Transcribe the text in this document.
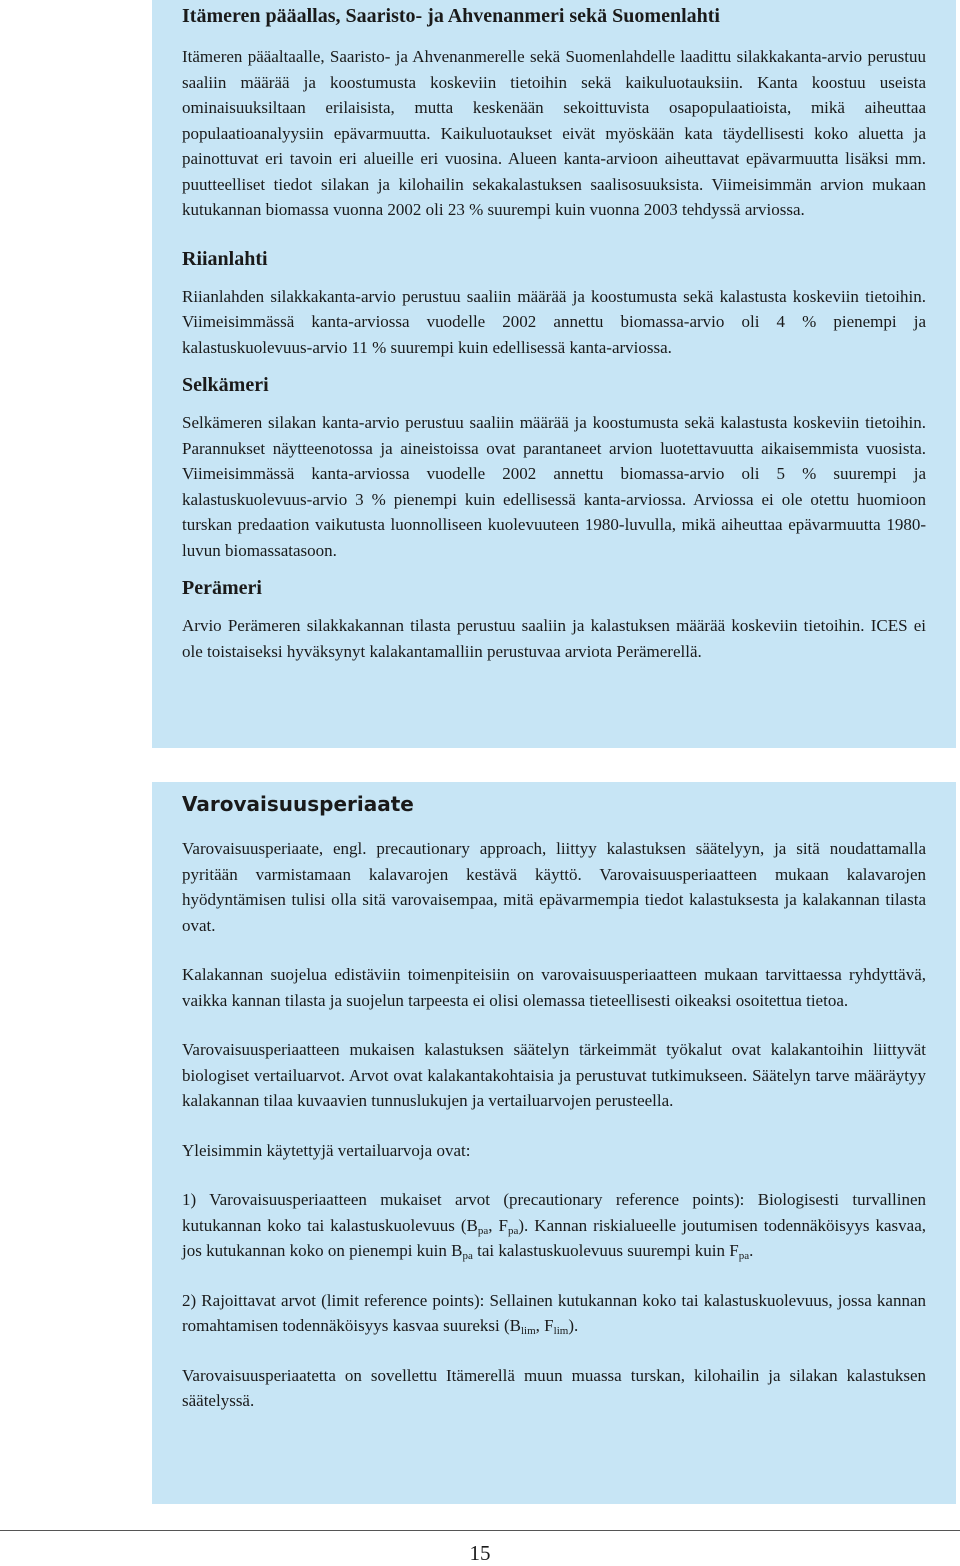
Itämeren pääallas, Saaristo- ja Ahvenanmeri sekä Suomenlahti

Itämeren pääaltaalle, Saaristo- ja Ahvenanmerelle sekä Suomenlahdelle laadittu silakkakanta-arvio perustuu saaliin määrää ja koostumusta koskeviin tietoihin sekä kaikuluotauksiin. Kanta koostuu useista ominaisuuksiltaan erilaisista, mutta keskenään sekoittuvista osapopulaatioista, mikä aiheuttaa populaatioanalyysiin epävarmuutta. Kaikuluotaukset eivät myöskään kata täydellisesti koko aluetta ja painottuvat eri tavoin eri alueille eri vuosina. Alueen kanta-arvioon aiheuttavat epävarmuutta lisäksi mm. puutteelliset tiedot silakan ja kilohailin sekakalastuksen saalisosuuksista. Viimeisimmän arvion mukaan kutukannan biomassa vuonna 2002 oli 23 % suurempi kuin vuonna 2003 tehdyssä arviossa.

Riianlahti

Riianlahden silakkakanta-arvio perustuu saaliin määrää ja koostumusta sekä kalastusta koskeviin tietoihin. Viimeisimmässä kanta-arviossa vuodelle 2002 annettu biomassa-arvio oli 4 % pienempi ja kalastuskuolevuus-arvio 11 % suurempi kuin edellisessä kanta-arviossa.

Selkämeri

Selkämeren silakan kanta-arvio perustuu saaliin määrää ja koostumusta sekä kalastusta koskeviin tietoihin. Parannukset näytteenotossa ja aineistoissa ovat parantaneet arvion luotettavuutta aikaisemmista vuosista. Viimeisimmässä kanta-arviossa vuodelle 2002 annettu biomassa-arvio oli 5 % suurempi ja kalastuskuolevuus-arvio 3 % pienempi kuin edellisessä kanta-arviossa. Arviossa ei ole otettu huomioon turskan predaation vaikutusta luonnolliseen kuolevuuteen 1980-luvulla, mikä aiheuttaa epävarmuutta 1980-luvun biomassatasoon.

Perämeri

Arvio Perämeren silakkakannan tilasta perustuu saaliin ja kalastuksen määrää koskeviin tietoihin. ICES ei ole toistaiseksi hyväksynyt kalakantamalliin perustuvaa arviota Perämerellä.

Varovaisuusperiaate

Varovaisuusperiaate, engl. precautionary approach, liittyy kalastuksen säätelyyn, ja sitä noudattamalla pyritään varmistamaan kalavarojen kestävä käyttö. Varovaisuusperiaatteen mukaan kalavarojen hyödyntämisen tulisi olla sitä varovaisempaa, mitä epävarmempia tiedot kalastuksesta ja kalakannan tilasta ovat.

Kalakannan suojelua edistäviin toimenpiteisiin on varovaisuusperiaatteen mukaan tarvittaessa ryhdyttävä, vaikka kannan tilasta ja suojelun tarpeesta ei olisi olemassa tieteellisesti oikeaksi osoitettua tietoa.

Varovaisuusperiaatteen mukaisen kalastuksen säätelyn tärkeimmät työkalut ovat kalakantoihin liittyvät biologiset vertailuarvot. Arvot ovat kalakantakohtaisia ja perustuvat tutkimukseen. Säätelyn tarve määräytyy kalakannan tilaa kuvaavien tunnuslukujen ja vertailuarvojen perusteella.

Yleisimmin käytettyjä vertailuarvoja ovat:

1) Varovaisuusperiaatteen mukaiset arvot (precautionary reference points): Biologisesti turvallinen kutukannan koko tai kalastuskuolevuus ($B_{pa}$, $F_{pa}$). Kannan riskialueelle joutumisen todennäköisyys kasvaa, jos kutukannan koko on pienempi kuin $B_{pa}$ tai kalastuskuolevuus suurempi kuin $F_{pa}$.

2) Rajoittavat arvot (limit reference points): Sellainen kutukannan koko tai kalastuskuolevuus, jossa kannan romahtamisen todennäköisyys kasvaa suureksi ($B_{lim}$, $F_{lim}$).

Varovaisuusperiaatetta on sovellettu Itämerellä muun muassa turskan, kilohailin ja silakan kalastuksen säätelyssä.

15
